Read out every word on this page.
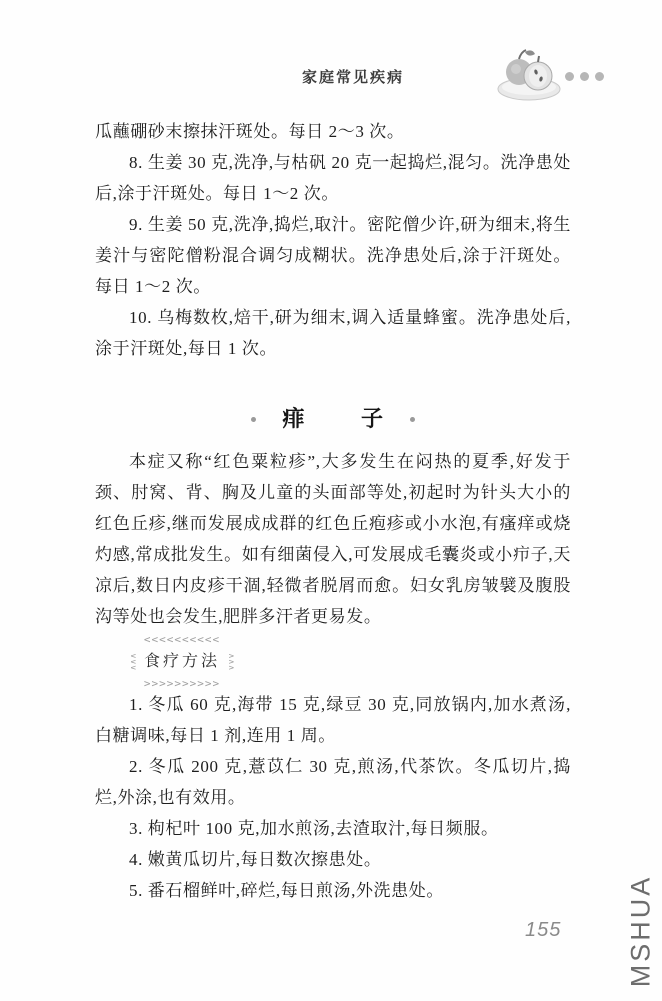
家庭常见疾病

瓜蘸硼砂末擦抹汗斑处。每日 2～3 次。

8. 生姜 30 克,洗净,与枯矾 20 克一起捣烂,混匀。洗净患处后,涂于汗斑处。每日 1～2 次。

9. 生姜 50 克,洗净,捣烂,取汁。密陀僧少许,研为细末,将生姜汁与密陀僧粉混合调匀成糊状。洗净患处后,涂于汗斑处。每日 1～2 次。

10. 乌梅数枚,焙干,研为细末,调入适量蜂蜜。洗净患处后,涂于汗斑处,每日 1 次。

痱	子

本症又称“红色粟粒疹”,大多发生在闷热的夏季,好发于颈、肘窝、背、胸及儿童的头面部等处,初起时为针头大小的红色丘疹,继而发展成成群的红色丘疱疹或小水泡,有瘙痒或烧灼感,常成批发生。如有细菌侵入,可发展成毛囊炎或小疖子,天凉后,数日内皮疹干涸,轻微者脱屑而愈。妇女乳房皱襞及腹股沟等处也会发生,肥胖多汗者更易发。

<<<<<<<<<<
∨∨∨ 食疗方法 ∧∧∧
>>>>>>>>>>

1. 冬瓜 60 克,海带 15 克,绿豆 30 克,同放锅内,加水煮汤,白糖调味,每日 1 剂,连用 1 周。

2. 冬瓜 200 克,薏苡仁 30 克,煎汤,代茶饮。冬瓜切片,捣烂,外涂,也有效用。

3. 枸杞叶 100 克,加水煎汤,去渣取汁,每日频服。

4. 嫩黄瓜切片,每日数次擦患处。

5. 番石榴鲜叶,碎烂,每日煎汤,外洗患处。

155 MSHUA
